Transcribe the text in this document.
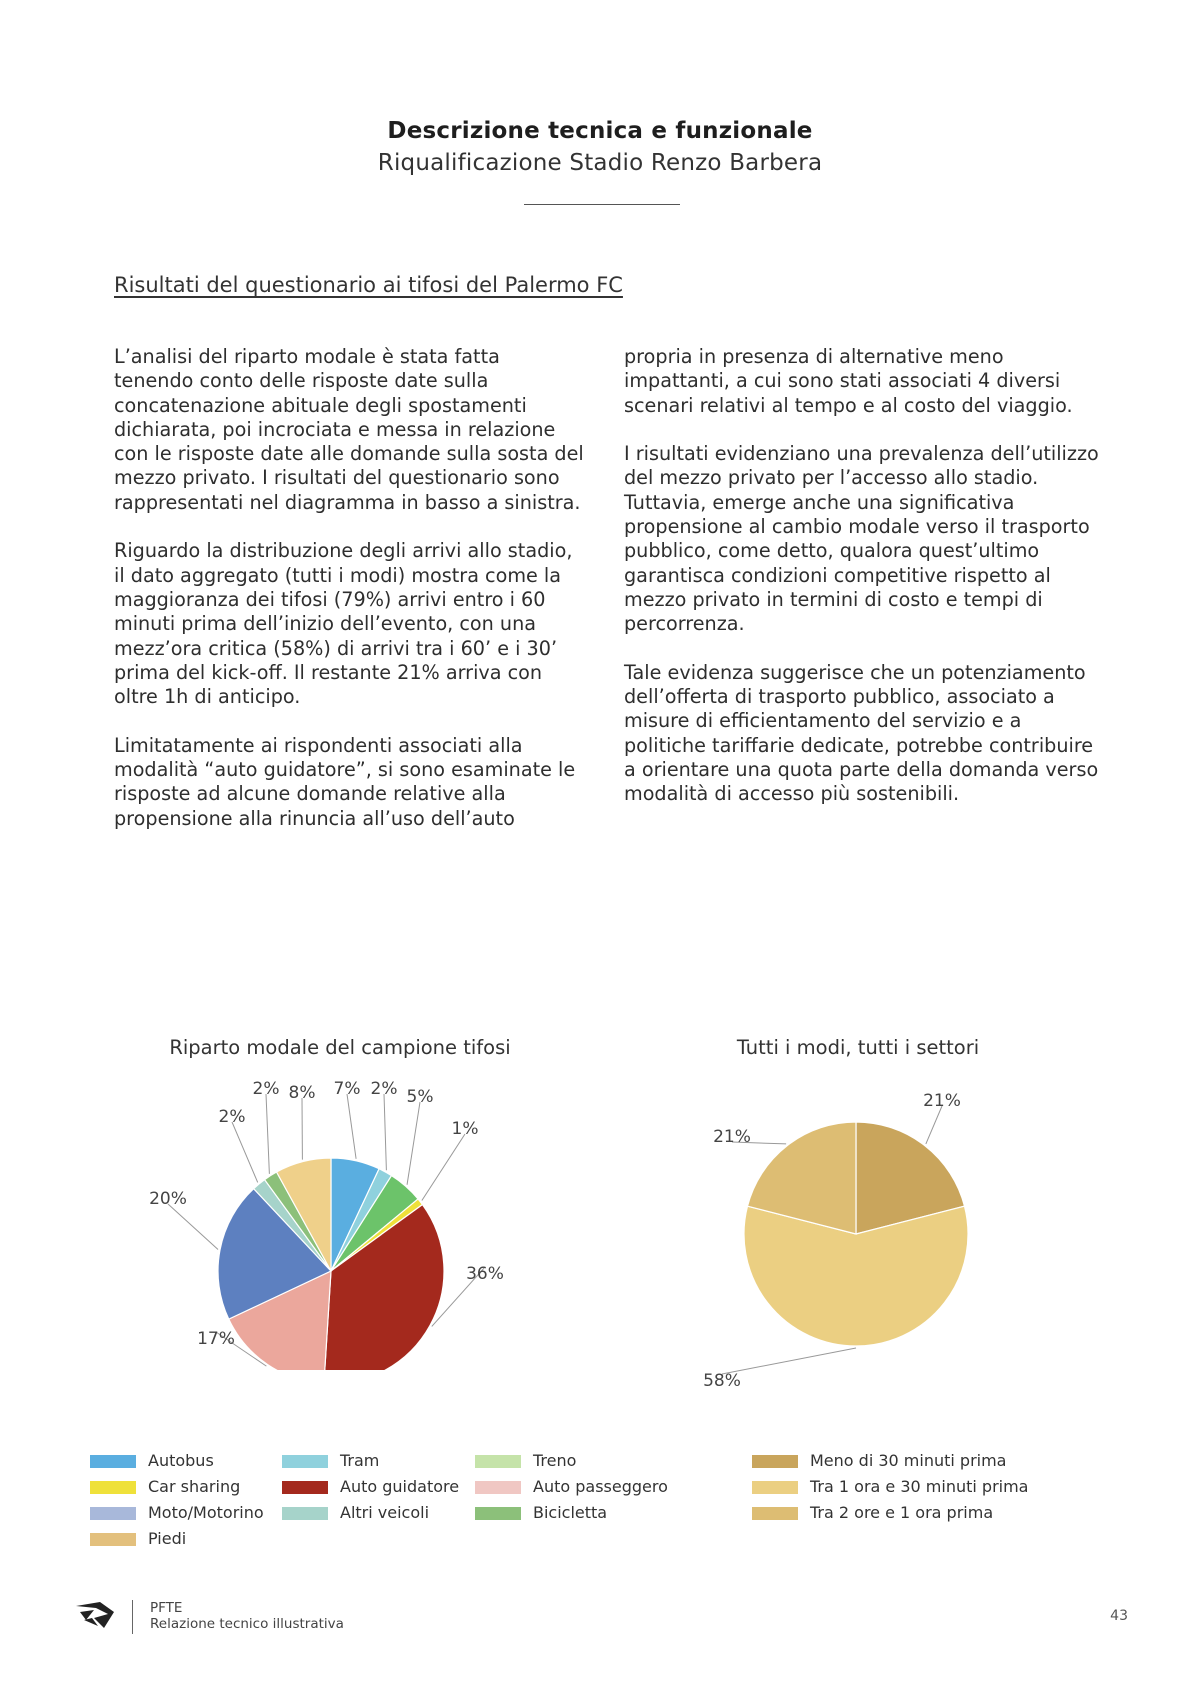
Descrizione tecnica e funzionale
Riqualificazione Stadio Renzo Barbera
Risultati del questionario ai tifosi del Palermo FC

L’analisi del riparto modale è stata fatta tenendo conto delle risposte date sulla concatenazione abituale degli spostamenti dichiarata, poi incrociata e messa in relazione con le risposte date alle domande sulla sosta del mezzo privato. I risultati del questionario sono rappresentati nel diagramma in basso a sinistra.

Riguardo la distribuzione degli arrivi allo stadio, il dato aggregato (tutti i modi) mostra come la maggioranza dei tifosi (79%) arrivi entro i 60 minuti prima dell’inizio dell’evento, con una mezz’ora critica (58%) di arrivi tra i 60’ e i 30’ prima del kick-off. Il restante 21% arriva con oltre 1h di anticipo.

Limitatamente ai rispondenti associati alla modalità “auto guidatore”, si sono esaminate le risposte ad alcune domande relative alla propensione alla rinuncia all’uso dell’auto

propria in presenza di alternative meno impattanti, a cui sono stati associati 4 diversi scenari relativi al tempo e al costo del viaggio.

I risultati evidenziano una prevalenza dell’utilizzo del mezzo privato per l’accesso allo stadio. Tuttavia, emerge anche una significativa propensione al cambio modale verso il trasporto pubblico, come detto, qualora quest’ultimo garantisca condizioni competitive rispetto al mezzo privato in termini di costo e tempi di percorrenza.

Tale evidenza suggerisce che un potenziamento dell’offerta di trasporto pubblico, associato a misure di efficientamento del servizio e a politiche tariffarie dedicate, potrebbe contribuire a orientare una quota parte della domanda verso modalità di accesso più sostenibili.

Riparto modale del campione tifosi	Tutti i modi, tutti i settori
7% 2% 5%
1%
36%
17%
20%
2%
2% 8%	21%
58%
21%
Autobus	Tram	Treno
Car sharing	Auto guidatore	Auto passeggero
Moto/Motorino	Altri veicoli	Bicicletta
Piedi
Meno di 30 minuti prima
Tra 1 ora e 30 minuti prima
Tra 2 ore e 1 ora prima
PFTE
Relazione tecnico illustrativa	43
